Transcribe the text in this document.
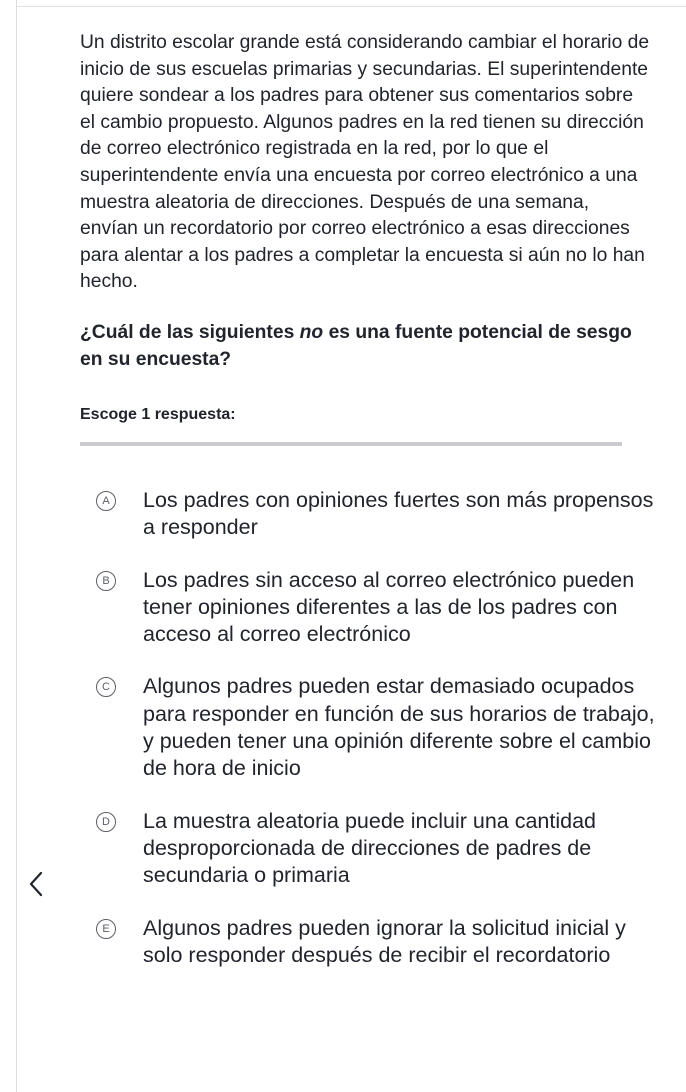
Un distrito escolar grande está considerando cambiar el horario de inicio de sus escuelas primarias y secundarias. El superintendente quiere sondear a los padres para obtener sus comentarios sobre el cambio propuesto. Algunos padres en la red tienen su dirección de correo electrónico registrada en la red, por lo que el superintendente envía una encuesta por correo electrónico a una muestra aleatoria de direcciones. Después de una semana, envían un recordatorio por correo electrónico a esas direcciones para alentar a los padres a completar la encuesta si aún no lo han hecho.

¿Cuál de las siguientes no es una fuente potencial de sesgo en su encuesta?
Escoge 1 respuesta:
A Los padres con opiniones fuertes son más propensos a responder
B Los padres sin acceso al correo electrónico pueden tener opiniones diferentes a las de los padres con acceso al correo electrónico
C Algunos padres pueden estar demasiado ocupados para responder en función de sus horarios de trabajo, y pueden tener una opinión diferente sobre el cambio de hora de inicio
D La muestra aleatoria puede incluir una cantidad desproporcionada de direcciones de padres de secundaria o primaria
E Algunos padres pueden ignorar la solicitud inicial y solo responder después de recibir el recordatorio
